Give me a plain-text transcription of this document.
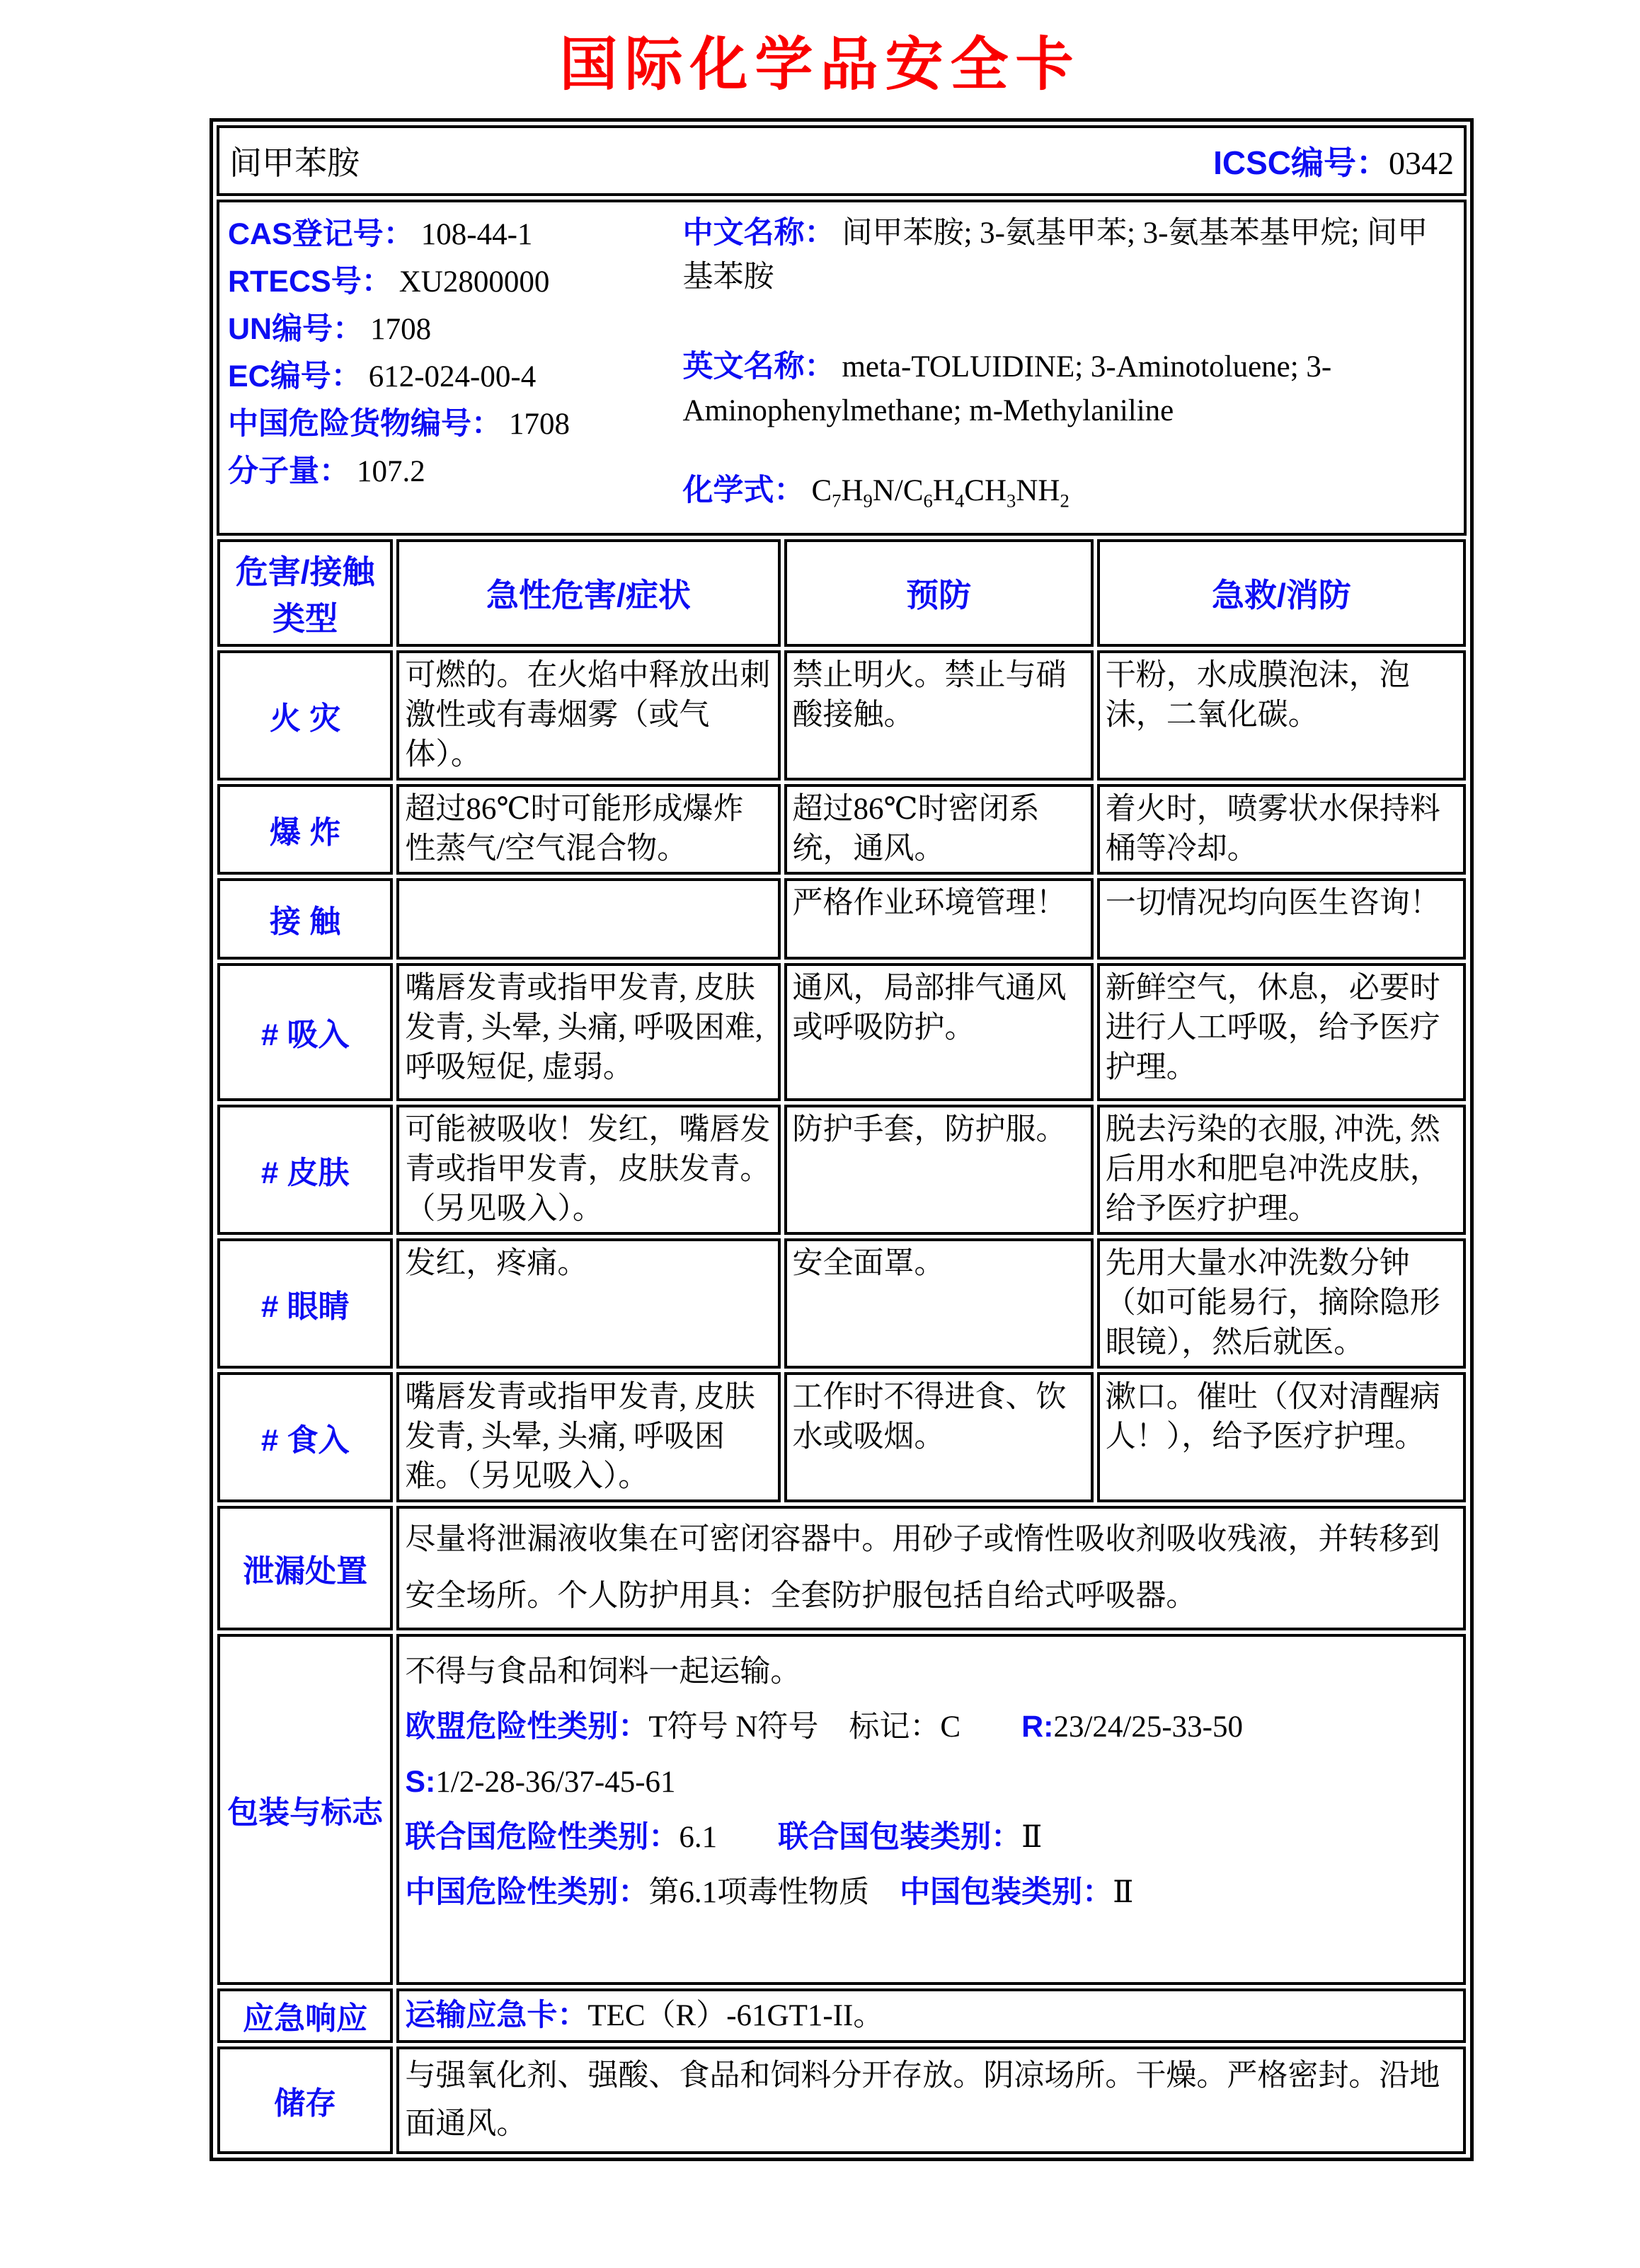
国际化学品安全卡
间甲苯胺	ICSC编号：0342

CAS登记号： 108-44-1

RTECS号： XU2800000

UN编号： 1708

EC编号： 612-024-00-4

中国危险货物编号： 1708

分子量： 107.2

中文名称： 间甲苯胺; 3-氨基甲苯; 3-氨基苯基甲烷; 间甲基苯胺

英文名称： meta-TOLUIDINE; 3-Aminotoluene; 3-Aminophenylmethane; m-Methylaniline

化学式： $C_7H_9N/C_6H_4CH_3NH_2$

危害/接触类型	急性危害/症状	预防	急救/消防
火 灾	可燃的。在火焰中释放出刺激性或有毒烟雾（或气体）。	禁止明火。禁止与硝酸接触。	干粉，水成膜泡沫，泡沫，二氧化碳。
爆 炸	超过86℃时可能形成爆炸性蒸气/空气混合物。	超过86℃时密闭系统，通风。	着火时，喷雾状水保持料桶等冷却。
接 触		严格作业环境管理！	一切情况均向医生咨询！
# 吸入	嘴唇发青或指甲发青, 皮肤发青, 头晕, 头痛, 呼吸困难, 呼吸短促, 虚弱。	通风，局部排气通风或呼吸防护。	新鲜空气，休息，必要时进行人工呼吸，给予医疗护理。
# 皮肤	可能被吸收！发红，嘴唇发青或指甲发青，皮肤发青。（另见吸入）。	防护手套，防护服。	脱去污染的衣服, 冲洗, 然后用水和肥皂冲洗皮肤，给予医疗护理。
# 眼睛	发红，疼痛。	安全面罩。	先用大量水冲洗数分钟（如可能易行，摘除隐形眼镜），然后就医。
# 食入	嘴唇发青或指甲发青, 皮肤发青, 头晕, 头痛, 呼吸困难。（另见吸入）。	工作时不得进食、饮水或吸烟。	漱口。催吐（仅对清醒病人！），给予医疗护理。
泄漏处置	尽量将泄漏液收集在可密闭容器中。用砂子或惰性吸收剂吸收残液，并转移到安全场所。个人防护用具：全套防护服包括自给式呼吸器。		

包装与标志	不得与食品和饲料一起运输。

欧盟危险性类别：T符号 N符号　标记：C　　R:23/24/25-33-50

S:1/2-28-36/37-45-61

联合国危险性类别：6.1　　联合国包装类别：Ⅱ

中国危险性类别：第6.1项毒性物质　中国包装类别：Ⅱ		

应急响应	运输应急卡：TEC（R）-61GT1-II。		

储存	与强氧化剂、强酸、食品和饲料分开存放。阴凉场所。干燥。严格密封。沿地面通风。		
